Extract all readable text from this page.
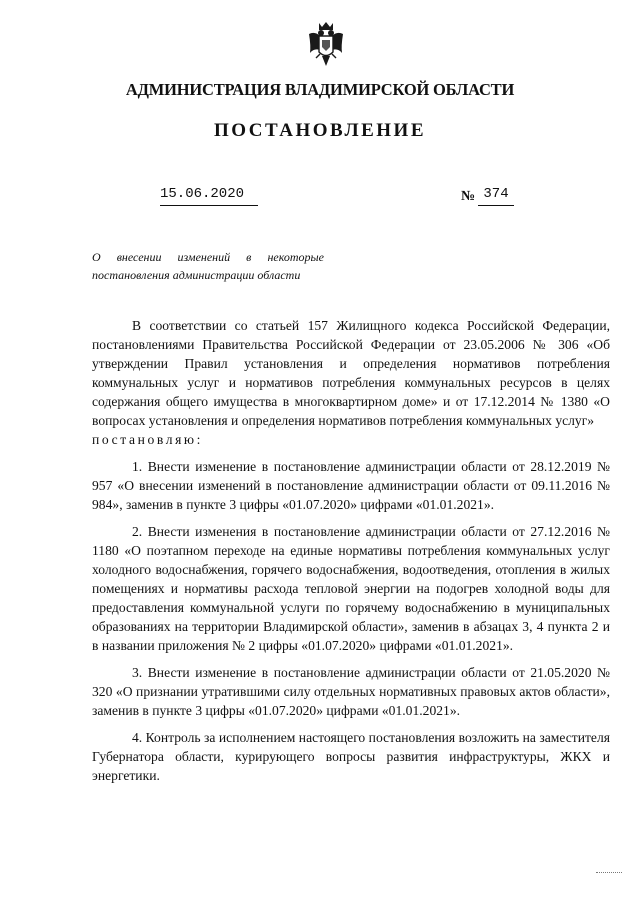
АДМИНИСТРАЦИЯ ВЛАДИМИРСКОЙ ОБЛАСТИ
ПОСТАНОВЛЕНИЕ
15.06.2020	№ 374
О внесении изменений в некоторые постановления администрации области

В соответствии со статьей 157 Жилищного кодекса Российской Федерации, постановлениями Правительства Российской Федерации от 23.05.2006 № 306 «Об утверждении Правил установления и определения нормативов потребления коммунальных услуг и нормативов потребления коммунальных ресурсов в целях содержания общего имущества в многоквартирном доме» и от 17.12.2014 № 1380 «О вопросах установления и определения нормативов потребления коммунальных услуг»

постановляю:

1. Внести изменение в постановление администрации области от 28.12.2019 № 957 «О внесении изменений в постановление администрации области от 09.11.2016 № 984», заменив в пункте 3 цифры «01.07.2020» цифрами «01.01.2021».

2. Внести изменения в постановление администрации области от 27.12.2016 № 1180 «О поэтапном переходе на единые нормативы потребления коммунальных услуг холодного водоснабжения, горячего водоснабжения, водоотведения, отопления в жилых помещениях и нормативы расхода тепловой энергии на подогрев холодной воды для предоставления коммунальной услуги по горячему водоснабжению в муниципальных образованиях на территории Владимирской области», заменив в абзацах 3, 4 пункта 2 и в названии приложения № 2 цифры «01.07.2020» цифрами «01.01.2021».

3. Внести изменение в постановление администрации области от 21.05.2020 № 320 «О признании утратившими силу отдельных нормативных правовых актов области», заменив в пункте 3 цифры «01.07.2020» цифрами «01.01.2021».

4. Контроль за исполнением настоящего постановления возложить на заместителя Губернатора области, курирующего вопросы развития инфраструктуры, ЖКХ и энергетики.
